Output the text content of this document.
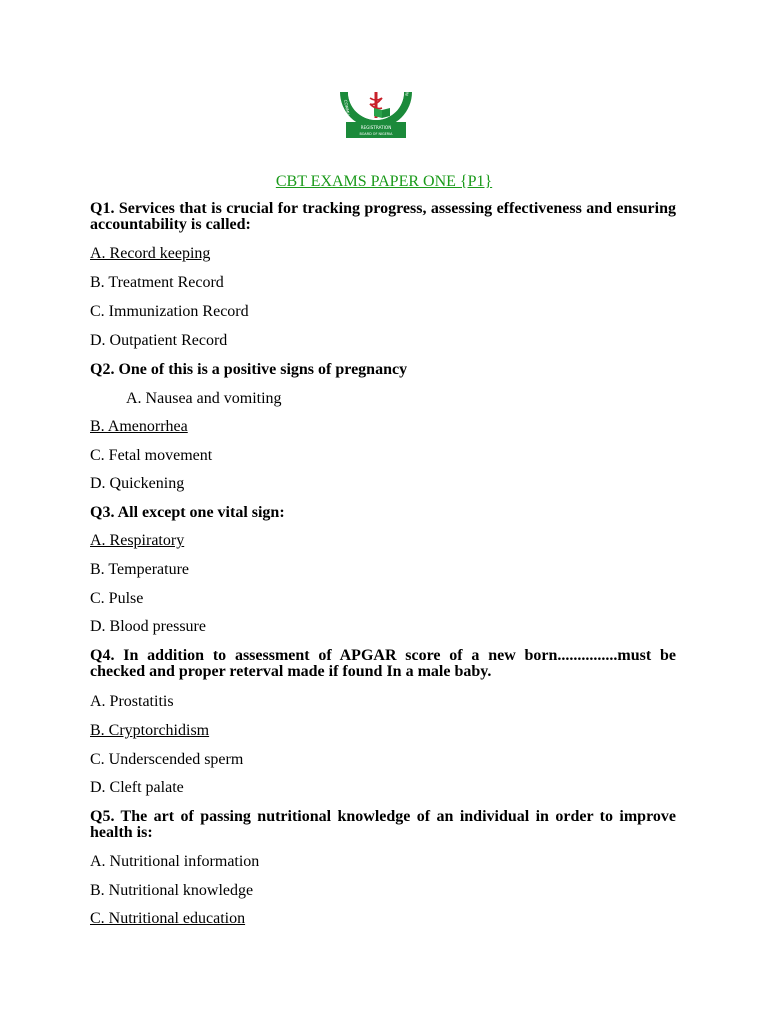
REGISTRATION
BOARD OF NIGERIA
COMMU
NURSES
CBT EXAMS PAPER ONE {P1}

Q1. Services that is crucial for tracking progress, assessing effectiveness and ensuring accountability is called:

A. Record keeping

B. Treatment Record

C. Immunization Record

D. Outpatient Record

Q2. One of this is a positive signs of pregnancy

A. Nausea and vomiting

B. Amenorrhea

C. Fetal movement

D. Quickening

Q3. All except one vital sign:

A. Respiratory

B. Temperature

C. Pulse

D. Blood pressure

Q4. In addition to assessment of APGAR score of a new born...............must be checked and proper reterval made if found In a male baby.

A. Prostatitis

B. Cryptorchidism

C. Underscended sperm

D. Cleft palate

Q5. The art of passing nutritional knowledge of an individual in order to improve health is:

A. Nutritional information

B. Nutritional knowledge

C. Nutritional education
